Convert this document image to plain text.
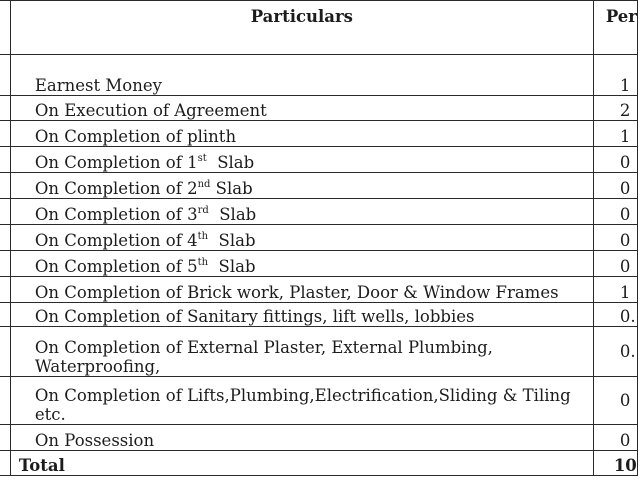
	Particulars	Per
	Earnest Money	1
	On Execution of Agreement	2
	On Completion of plinth	1
	On Completion of 1st  Slab	0
	On Completion of 2nd Slab	0
	On Completion of 3rd  Slab	0
	On Completion of 4th  Slab	0
	On Completion of 5th  Slab	0
	On Completion of Brick work, Plaster, Door & Window Frames	1
	On Completion of Sanitary fittings, lift wells, lobbies	0.
	On Completion of External Plaster, External Plumbing, Waterproofing,	0.
	On Completion of Lifts,Plumbing,Electrification,Sliding & Tiling etc.	0
	On Possession	0
	Total	10
